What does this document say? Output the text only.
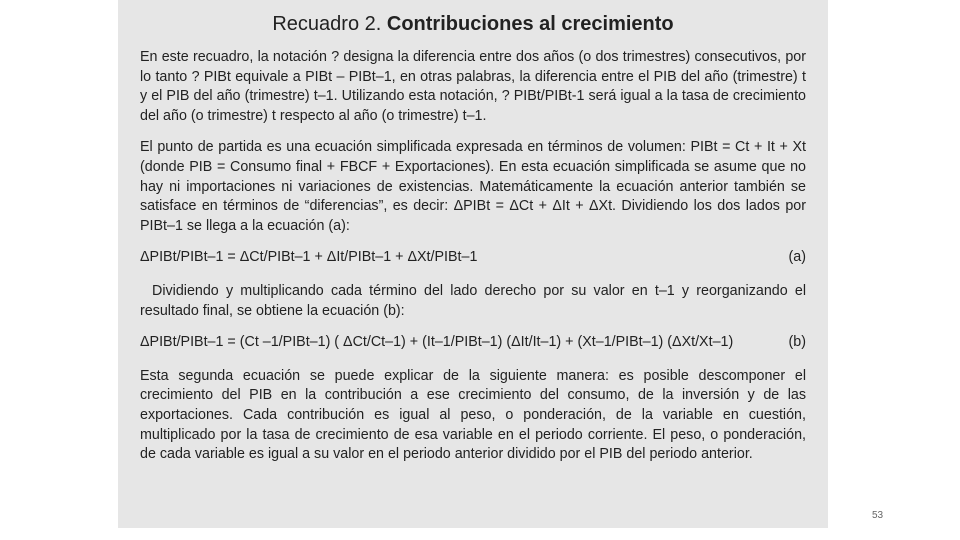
Recuadro 2. Contribuciones al crecimiento

En este recuadro, la notación ? designa la diferencia entre dos años (o dos trimestres) consecutivos, por lo tanto ? PIBt equivale a PIBt – PIBt–1, en otras palabras, la diferencia entre el PIB del año (trimestre) t y el PIB del año (trimestre) t–1. Utilizando esta notación, ? PIBt/PIBt-1 será igual a la tasa de crecimiento del año (o trimestre) t respecto al año (o trimestre) t–1.

El punto de partida es una ecuación simplificada expresada en términos de volumen: PIBt = Ct + It + Xt (donde PIB = Consumo final + FBCF + Exportaciones). En esta ecuación simplificada se asume que no hay ni importaciones ni variaciones de existencias. Matemáticamente la ecuación anterior también se satisface en términos de “diferencias”, es decir: ΔPIBt = ΔCt + ΔIt + ΔXt. Dividiendo los dos lados por PIBt–1 se llega a la ecuación (a):

ΔPIBt/PIBt–1 = ΔCt/PIBt–1 + ΔIt/PIBt–1 + ΔXt/PIBt–1	(a)

Dividiendo y multiplicando cada término del lado derecho por su valor en t–1 y reorganizando el resultado final, se obtiene la ecuación (b):

ΔPIBt/PIBt–1 = (Ct –1/PIBt–1) ( ΔCt/Ct–1) + (It–1/PIBt–1) (ΔIt/It–1) + (Xt–1/PIBt–1) (ΔXt/Xt–1)	(b)

Esta segunda ecuación se puede explicar de la siguiente manera: es posible descomponer el crecimiento del PIB en la contribución a ese crecimiento del consumo, de la inversión y de las exportaciones. Cada contribución es igual al peso, o ponderación, de la variable en cuestión, multiplicado por la tasa de crecimiento de esa variable en el periodo corriente. El peso, o ponderación, de cada variable es igual a su valor en el periodo anterior dividido por el PIB del periodo anterior.

53
